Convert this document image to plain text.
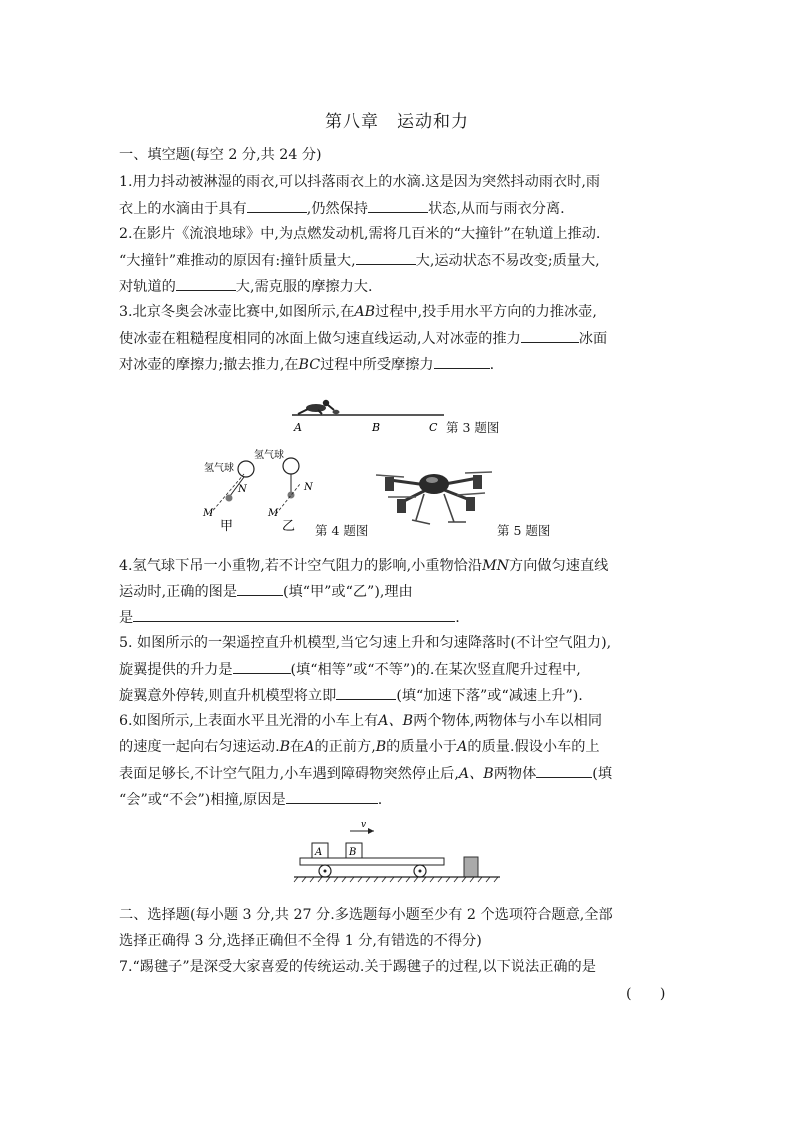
第八章 运动和力
一、填空题(每空 2 分,共 24 分)
1.用力抖动被淋湿的雨衣,可以抖落雨衣上的水滴.这是因为突然抖动雨衣时,雨
衣上的水滴由于具有	,仍然保持	状态,从而与雨衣分离.
2.在影片《流浪地球》中,为点燃发动机,需将几百米的“大撞针”在轨道上推动.
“大撞针”难推动的原因有:撞针质量大,	大,运动状态不易改变;质量大,
对轨道的	大,需克服的摩擦力大.
3.北京冬奥会冰壶比赛中,如图所示,在AB过程中,投手用水平方向的力推冰壶,
使冰壶在粗糙程度相同的冰面上做匀速直线运动,人对冰壶的推力	冰面
对冰壶的摩擦力;撤去推力,在BC过程中所受摩擦力	.
A	B	C 第 3 题图
氢气球
M
N
甲
氢气球
M
N
乙 第 4 题图	第 5 题图
4.氢气球下吊一小重物,若不计空气阻力的影响,小重物恰沿MN方向做匀速直线
运动时,正确的图是	(填“甲”或“乙”),理由
是	.
5. 如图所示的一架遥控直升机模型,当它匀速上升和匀速降落时(不计空气阻力),
旋翼提供的升力是	(填“相等”或“不等”)的.在某次竖直爬升过程中,
旋翼意外停转,则直升机模型将立即	(填“加速下落”或“减速上升”).
6.如图所示,上表面水平且光滑的小车上有A、B两个物体,两物体与小车以相同
的速度一起向右匀速运动.B在A的正前方,B的质量小于A的质量.假设小车的上
表面足够长,不计空气阻力,小车遇到障碍物突然停止后,A、B两物体	(填
“会”或“不会”)相撞,原因是	.
v
A	B
二、选择题(每小题 3 分,共 27 分.多选题每小题至少有 2 个选项符合题意,全部
选择正确得 3 分,选择正确但不全得 1 分,有错选的不得分)
7.“踢毽子”是深受大家喜爱的传统运动.关于踢毽子的过程,以下说法正确的是
(　　)
